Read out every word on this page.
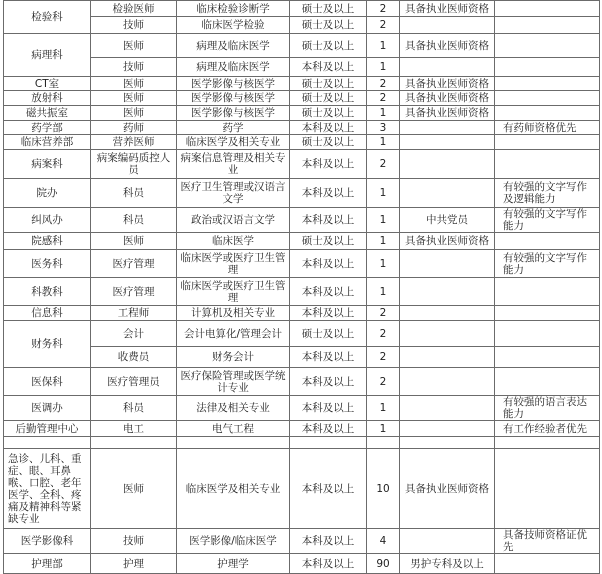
检验科	检验医师	临床检验诊断学	硕士及以上	2	具备执业医师资格	
	技师	临床医学检验	硕士及以上	2		
病理科	医师	病理及临床医学	硕士及以上	1	具备执业医师资格	
	技师	病理及临床医学	本科及以上	1		
CT室	医师	医学影像与核医学	硕士及以上	2	具备执业医师资格	
放射科	医师	医学影像与核医学	硕士及以上	2	具备执业医师资格	
磁共振室	医师	医学影像与核医学	硕士及以上	1	具备执业医师资格	
药学部	药师	药学	本科及以上	3		有药师资格优先
临床营养部	营养医师	临床医学及相关专业	硕士及以上	1		
病案科	病案编码质控人员	病案信息管理及相关专业	本科及以上	2		
院办	科员	医疗卫生管理或汉语言文学	本科及以上	1		有较强的文字写作及逻辑能力
纠风办	科员	政治或汉语言文学	本科及以上	1	中共党员	有较强的文字写作能力
院感科	医师	临床医学	硕士及以上	1	具备执业医师资格	
医务科	医疗管理	临床医学或医疗卫生管理	本科及以上	1		有较强的文字写作能力
科教科	医疗管理	临床医学或医疗卫生管理	本科及以上	1		
信息科	工程师	计算机及相关专业	本科及以上	2		
财务科	会计	会计电算化/管理会计	硕士及以上	2		
	收费员	财务会计	本科及以上	2		
医保科	医疗管理员	医疗保险管理或医学统计专业	本科及以上	2		
医调办	科员	法律及相关专业	本科及以上	1		有较强的语言表达能力
后勤管理中心	电工	电气工程	本科及以上	1		有工作经验者优先

急诊、儿科、重症、眼、耳鼻喉、口腔、老年医学、全科、疼痛及精神科等紧缺专业	医师	临床医学及相关专业	本科及以上	10	具备执业医师资格	
医学影像科	技师	医学影像/临床医学	本科及以上	4		具备技师资格证优先
护理部	护理	护理学	本科及以上	90	男护专科及以上	
